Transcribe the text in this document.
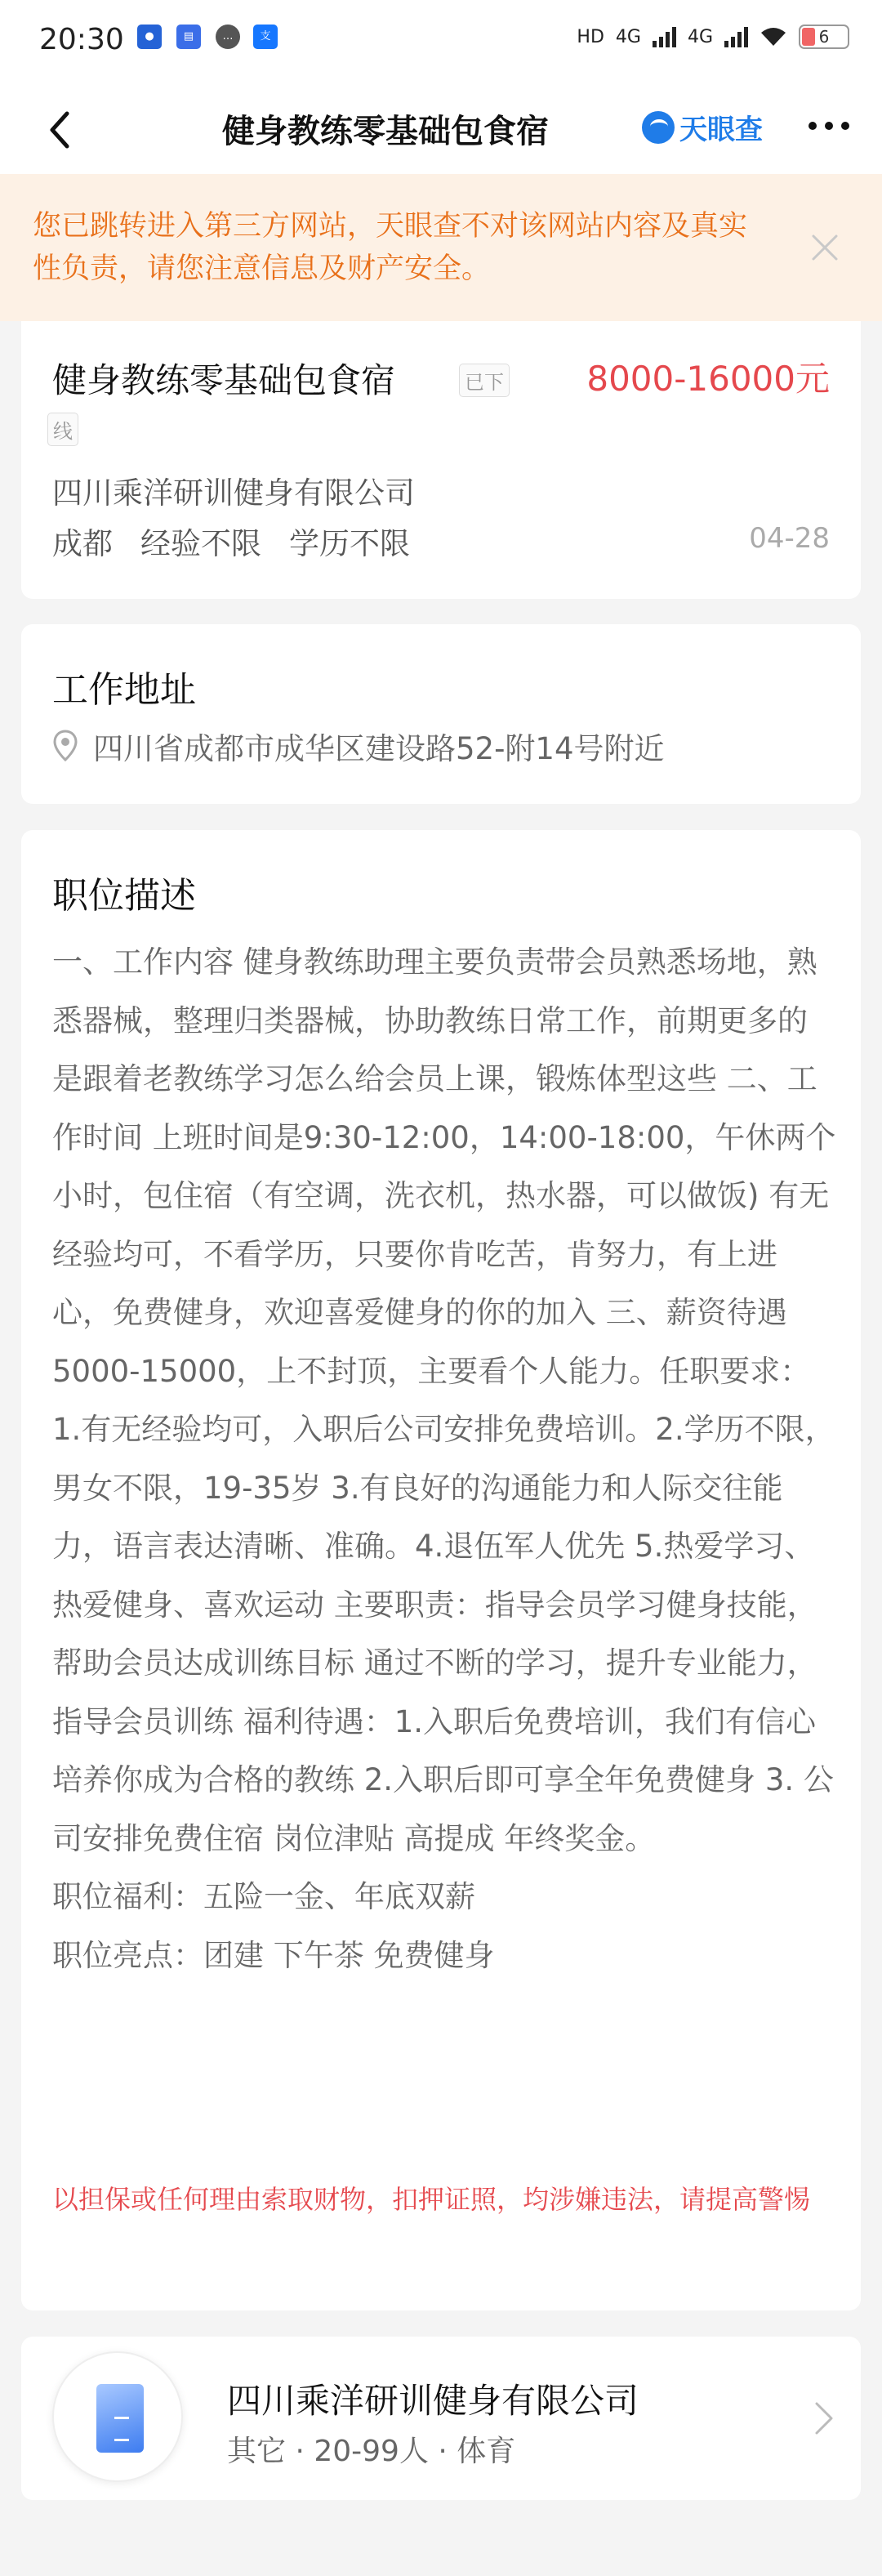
20:30	●	▤	…	支	HD 4G	4G	6
健身教练零基础包食宿	天眼查

您已跳转进入第三方网站，天眼查不对该网站内容及真实性负责，请您注意信息及财产安全。

健身教练零基础包食宿	已下
线
8000-16000元
四川乘洋研训健身有限公司
成都 经验不限 学历不限	04-28
工作地址
四川省成都市成华区建设路52-附14号附近
职位描述

一、工作内容 健身教练助理主要负责带会员熟悉场地，熟悉器械，整理归类器械，协助教练日常工作，前期更多的是跟着老教练学习怎么给会员上课，锻炼体型这些 二、工作时间 上班时间是9:30-12:00，14:00-18:00，午休两个小时，包住宿（有空调，洗衣机，热水器，可以做饭) 有无经验均可，不看学历，只要你肯吃苦，肯努力，有上进心，免费健身，欢迎喜爱健身的你的加入 三、薪资待遇 5000-15000，上不封顶，主要看个人能力。任职要求：1.有无经验均可，入职后公司安排免费培训。2.学历不限，男女不限，19-35岁 3.有良好的沟通能力和人际交往能力，语言表达清晰、准确。4.退伍军人优先 5.热爱学习、热爱健身、喜欢运动 主要职责：指导会员学习健身技能，帮助会员达成训练目标 通过不断的学习，提升专业能力，指导会员训练 福利待遇：1.入职后免费培训，我们有信心培养你成为合格的教练 2.入职后即可享全年免费健身 3. 公司安排免费住宿 岗位津贴 高提成 年终奖金。

职位福利：五险一金、年底双薪

职位亮点：团建 下午茶 免费健身

以担保或任何理由索取财物，扣押证照，均涉嫌违法，请提高警惕
四川乘洋研训健身有限公司
其它 · 20-99人 · 体育
